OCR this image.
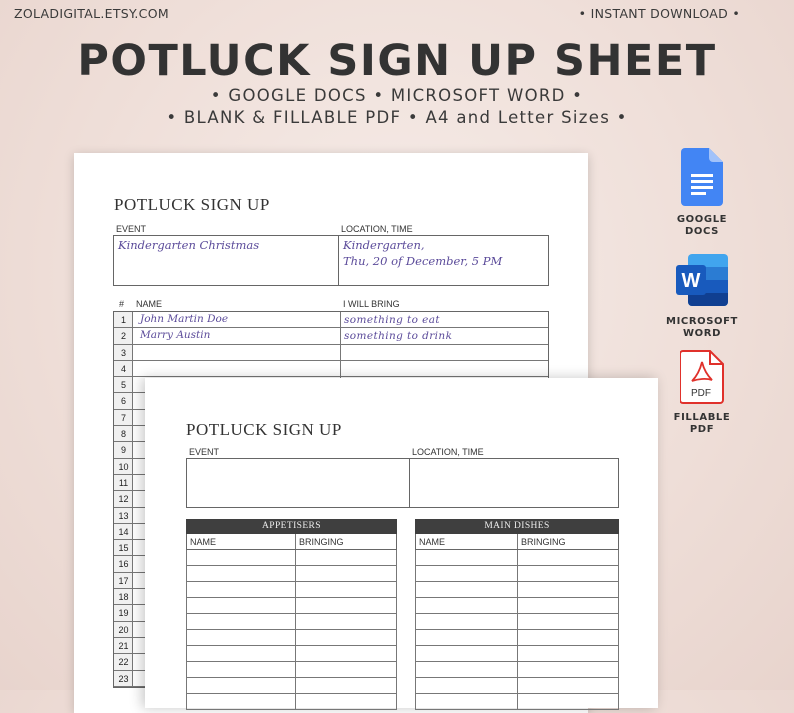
ZOLADIGITAL.ETSY.COM	• INSTANT DOWNLOAD •
POTLUCK SIGN UP SHEET
• GOOGLE DOCS • MICROSOFT WORD •
• BLANK & FILLABLE PDF • A4 and Letter Sizes •
POTLUCK SIGN UP
EVENT	LOCATION, TIME
Kindergarten Christmas	Kindergarten,
Thu, 20 of December, 5 PM
# NAME	I WILL BRING
1	John Martin Doe	something to eat
2	Marry Austin	something to drink
3
4
5
6
7
8
9
10
11
12
13
14
15
16
17
18
19
20
21
22
23
POTLUCK SIGN UP
EVENT	LOCATION, TIME
APPETISERS
NAME	BRINGING
MAIN DISHES
NAME	BRINGING
GOOGLE
DOCS
W
MICROSOFT
WORD
PDF
FILLABLE
PDF
